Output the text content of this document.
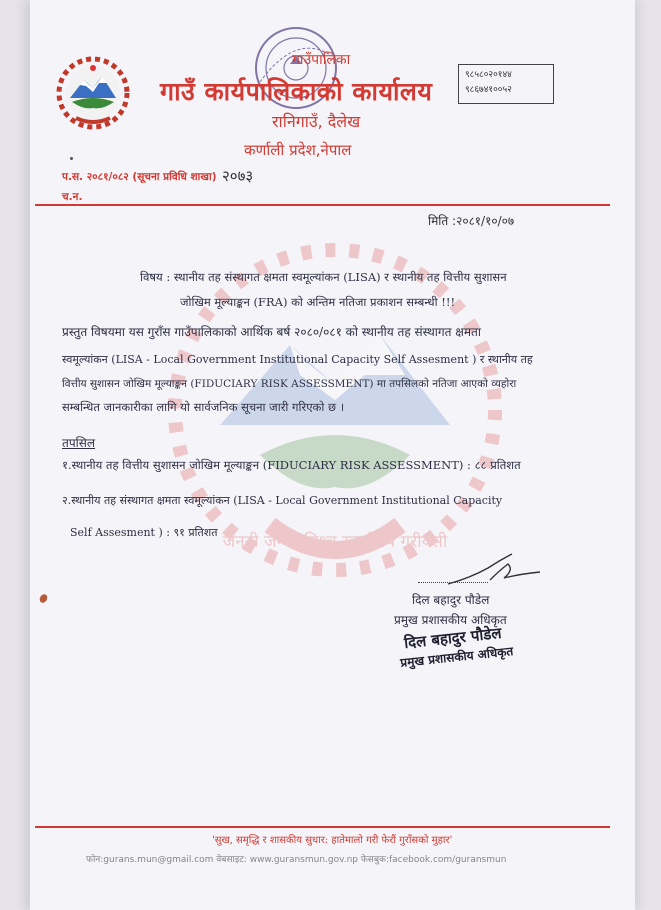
जननी जन्मभूमिश्च स्वर्गादपि गरीयसी
गाउँपालिका
गाउँ कार्यपालिकाको कार्यालय
रानिगाउँ, दैलेख
कर्णाली प्रदेश,नेपाल
९८५८०२०१४४
९८६७४१००५२
प.स. २०८१/०८२ (सूचना प्रविधि शाखा) २०७३
च.न.
मिति :२०८१/१०/०७
विषय : स्थानीय तह संस्थागत क्षमता स्वमूल्यांकन (LISA) र स्थानीय तह वित्तीय सुशासन
जोखिम मूल्याङ्कन (FRA) को अन्तिम नतिजा प्रकाशन सम्बन्धी !!!
प्रस्तुत विषयमा यस गुराँस गाउँपालिकाको आर्थिक बर्ष २०८०/०८१ को स्थानीय तह संस्थागत क्षमता
स्वमूल्यांकन (LISA - Local Government Institutional Capacity Self Assesment ) र स्थानीय तह
वित्तीय सुशासन जोखिम मूल्याङ्कन (FIDUCIARY RISK ASSESSMENT) मा तपसिलको नतिजा आएको व्यहोरा
सम्बन्धित जानकारीका लागि यो सार्वजनिक सूचना जारी गरिएको छ ।
तपसिल
१.स्थानीय तह वित्तीय सुशासन जोखिम मूल्याङ्कन (FIDUCIARY RISK ASSESSMENT) : ८८ प्रतिशत
२.स्थानीय तह संस्थागत क्षमता स्वमूल्यांकन (LISA - Local Government Institutional Capacity
Self Assesment ) : ९१ प्रतिशत
दिल बहादुर पौडेल
प्रमुख प्रशासकीय अधिकृत
दिल बहादुर पौडेल
प्रमुख प्रशासकीय अधिकृत
'सुख, समृद्धि र शासकीय सुधार: हातेमालो गरी फेरौं गुराँसको मुहार'
फोन:gurans.mun@gmail.com वेबसाइट: www.guransmun.gov.np फेसबुक:facebook.com/guransmun
